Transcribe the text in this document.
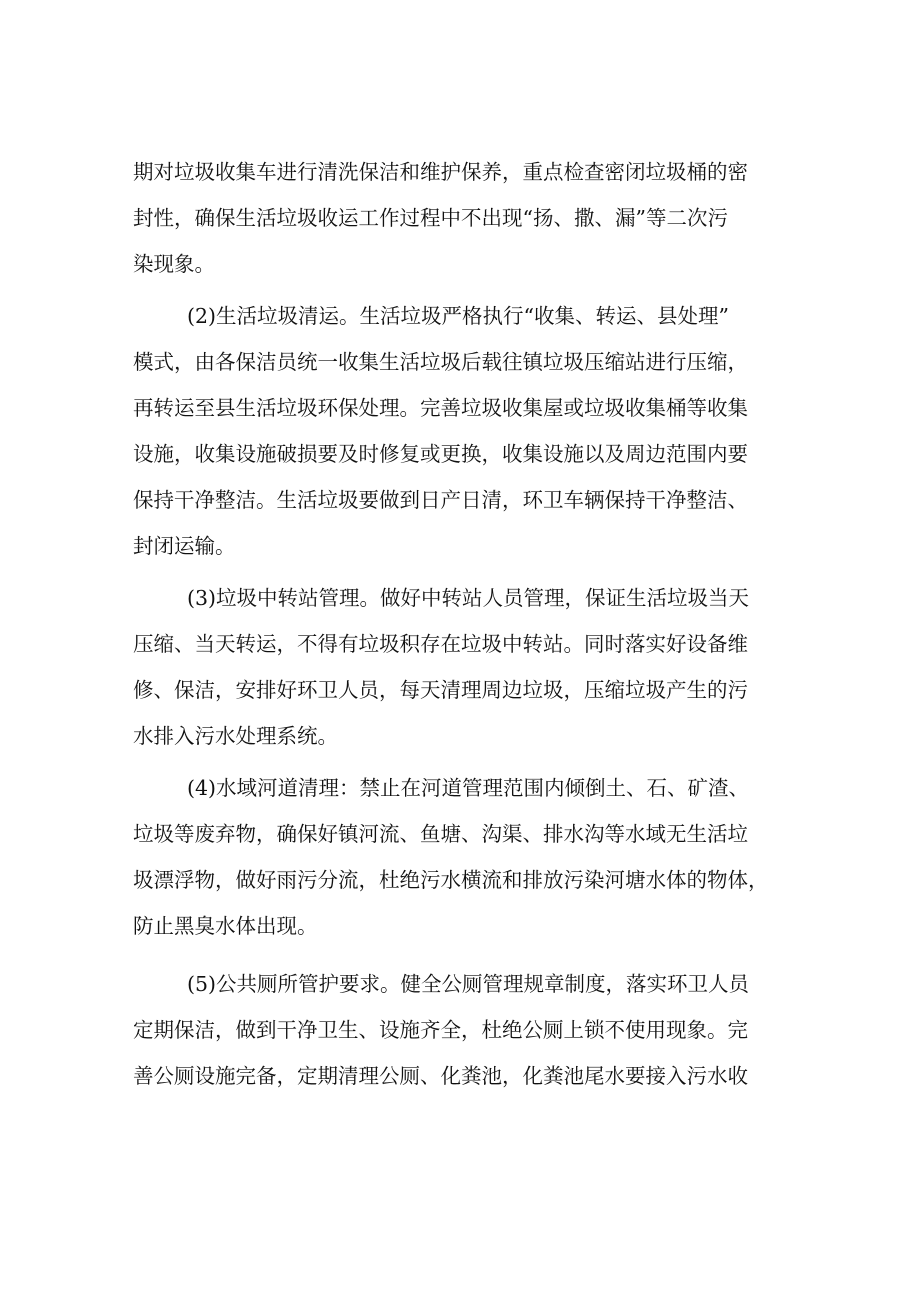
期对垃圾收集车进行清洗保洁和维护保养，重点检查密闭垃圾桶的密
封性，确保生活垃圾收运工作过程中不出现“扬、撒、漏”等二次污
染现象。
(2)生活垃圾清运。生活垃圾严格执行“收集、转运、县处理”
模式，由各保洁员统一收集生活垃圾后载往镇垃圾压缩站进行压缩，
再转运至县生活垃圾环保处理。完善垃圾收集屋或垃圾收集桶等收集
设施，收集设施破损要及时修复或更换，收集设施以及周边范围内要
保持干净整洁。生活垃圾要做到日产日清，环卫车辆保持干净整洁、
封闭运输。
(3)垃圾中转站管理。做好中转站人员管理，保证生活垃圾当天
压缩、当天转运，不得有垃圾积存在垃圾中转站。同时落实好设备维
修、保洁，安排好环卫人员，每天清理周边垃圾，压缩垃圾产生的污
水排入污水处理系统。
(4)水域河道清理：禁止在河道管理范围内倾倒土、石、矿渣、
垃圾等废弃物，确保好镇河流、鱼塘、沟渠、排水沟等水域无生活垃
圾漂浮物，做好雨污分流，杜绝污水横流和排放污染河塘水体的物体，
防止黑臭水体出现。
(5)公共厕所管护要求。健全公厕管理规章制度，落实环卫人员
定期保洁，做到干净卫生、设施齐全，杜绝公厕上锁不使用现象。完
善公厕设施完备，定期清理公厕、化粪池，化粪池尾水要接入污水收
